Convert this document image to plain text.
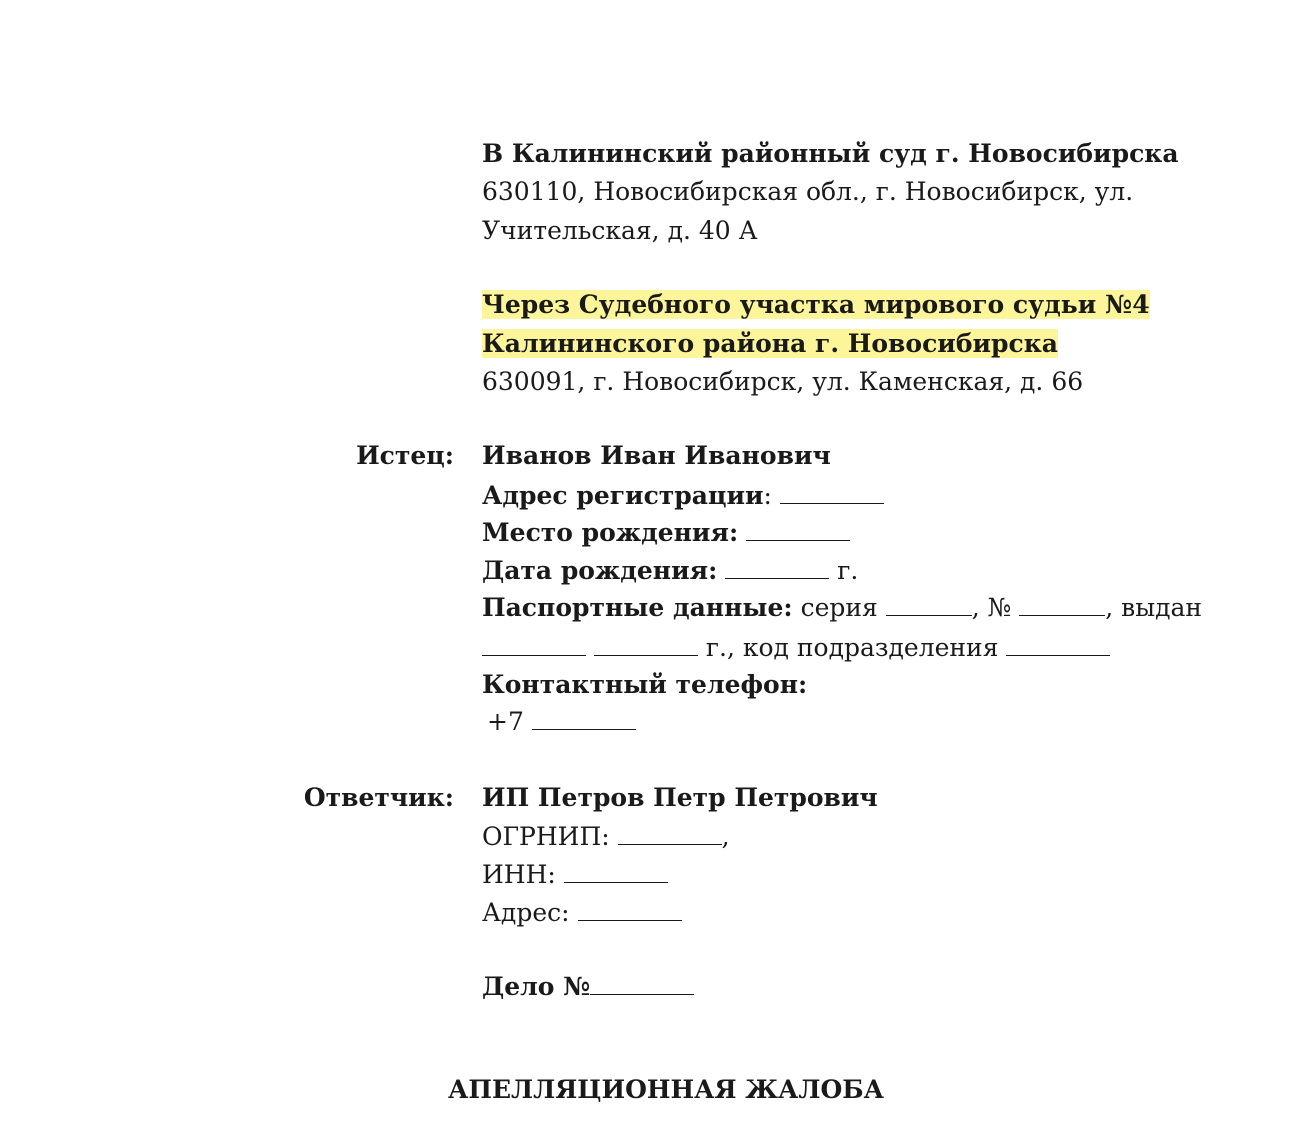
В Калининский районный суд г. Новосибирска
630110, Новосибирская обл., г. Новосибирск, ул.
Учительская, д. 40 А
Через Судебного участка мирового судьи №4
Калининского района г. Новосибирска
630091, г. Новосибирск, ул. Каменская, д. 66
Истец: Иванов Иван Иванович
Адрес регистрации:
Место рождения:
Дата рождения:	г.
Паспортные данные: серия	, №	, выдан
г., код подразделения
Контактный телефон:
+7
Ответчик: ИП Петров Петр Петрович
ОГРНИП:	,
ИНН:
Адрес:
Дело №
АПЕЛЛЯЦИОННАЯ ЖАЛОБА
